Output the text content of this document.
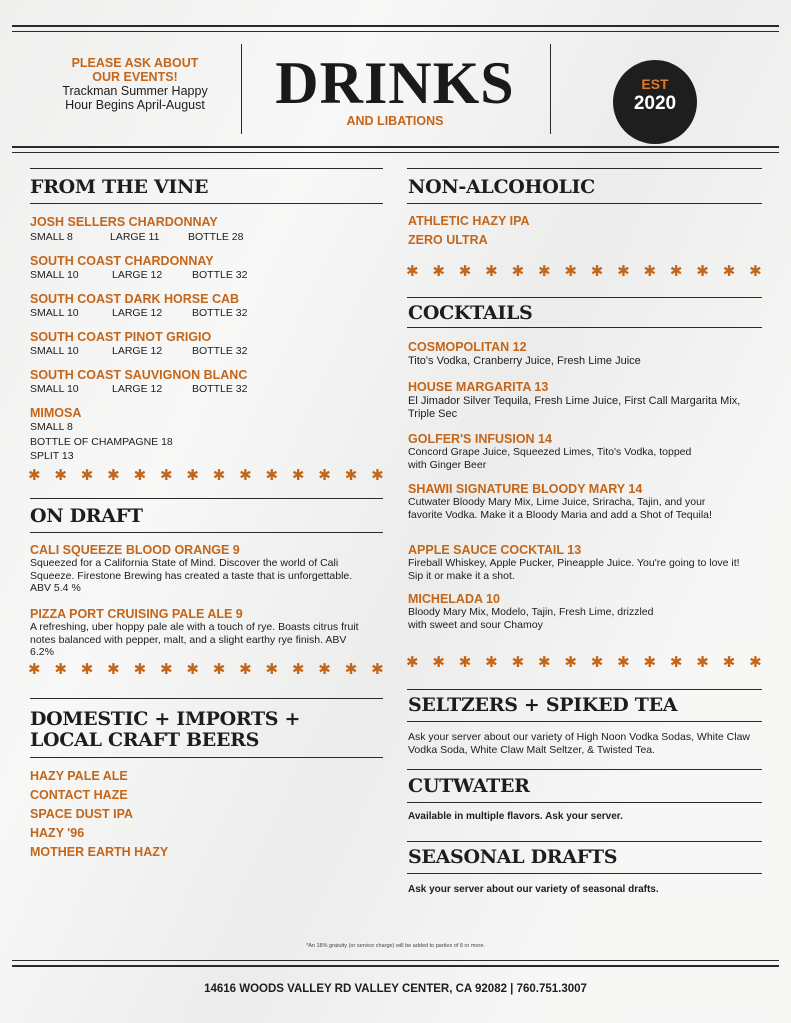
PLEASE ASK ABOUT
OUR EVENTS!
Trackman Summer Happy
Hour Begins April-August	DRINKS
AND LIBATIONS
EST
2020
FROM THE VINE
JOSH SELLERS CHARDONNAY
SMALL 8	LARGE 11	BOTTLE 28
SOUTH COAST CHARDONNAY
SMALL 10	LARGE 12	BOTTLE 32
SOUTH COAST DARK HORSE CAB
SMALL 10	LARGE 12	BOTTLE 32
SOUTH COAST PINOT GRIGIO
SMALL 10	LARGE 12	BOTTLE 32
SOUTH COAST SAUVIGNON BLANC
SMALL 10	LARGE 12	BOTTLE 32
MIMOSA
SMALL 8
BOTTLE OF CHAMPAGNE 18
SPLIT 13
✱ ✱ ✱ ✱ ✱ ✱ ✱ ✱ ✱ ✱ ✱ ✱ ✱ ✱
ON DRAFT
CALI SQUEEZE BLOOD ORANGE 9
Squeezed for a California State of Mind. Discover the world of Cali Squeeze. Firestone Brewing has created a taste that is unforgettable. ABV 5.4 %
PIZZA PORT CRUISING PALE ALE 9
A refreshing, uber hoppy pale ale with a touch of rye. Boasts citrus fruit notes balanced with pepper, malt, and a slight earthy rye finish. ABV 6.2%
✱ ✱ ✱ ✱ ✱ ✱ ✱ ✱ ✱ ✱ ✱ ✱ ✱ ✱
DOMESTIC + IMPORTS +
LOCAL CRAFT BEERS
HAZY PALE ALE
CONTACT HAZE
SPACE DUST IPA
HAZY '96
MOTHER EARTH HAZY
NON-ALCOHOLIC
ATHLETIC HAZY IPA
ZERO ULTRA
✱ ✱ ✱ ✱ ✱ ✱ ✱ ✱ ✱ ✱ ✱ ✱ ✱ ✱
COCKTAILS
COSMOPOLITAN 12
Tito's Vodka, Cranberry Juice, Fresh Lime Juice
HOUSE MARGARITA 13
El Jimador Silver Tequila, Fresh Lime Juice, First Call Margarita Mix, Triple Sec
GOLFER'S INFUSION 14
Concord Grape Juice, Squeezed Limes, Tito's Vodka, topped with Ginger Beer
SHAWII SIGNATURE BLOODY MARY 14
Cutwater Bloody Mary Mix, Lime Juice, Sriracha, Tajin, and your favorite Vodka. Make it a Bloody Maria and add a Shot of Tequila!
APPLE SAUCE COCKTAIL 13
Fireball Whiskey, Apple Pucker, Pineapple Juice. You're going to love it! Sip it or make it a shot.
MICHELADA 10
Bloody Mary Mix, Modelo, Tajin, Fresh Lime, drizzled with sweet and sour Chamoy
✱ ✱ ✱ ✱ ✱ ✱ ✱ ✱ ✱ ✱ ✱ ✱ ✱ ✱
SELTZERS + SPIKED TEA
Ask your server about our variety of High Noon Vodka Sodas, White Claw Vodka Soda, White Claw Malt Seltzer, & Twisted Tea.
CUTWATER
Available in multiple flavors. Ask your server.
SEASONAL DRAFTS
Ask your server about our variety of seasonal drafts.
*An 18% gratuity (or service charge) will be added to parties of 8 or more.
14616 WOODS VALLEY RD VALLEY CENTER, CA 92082 | 760.751.3007
